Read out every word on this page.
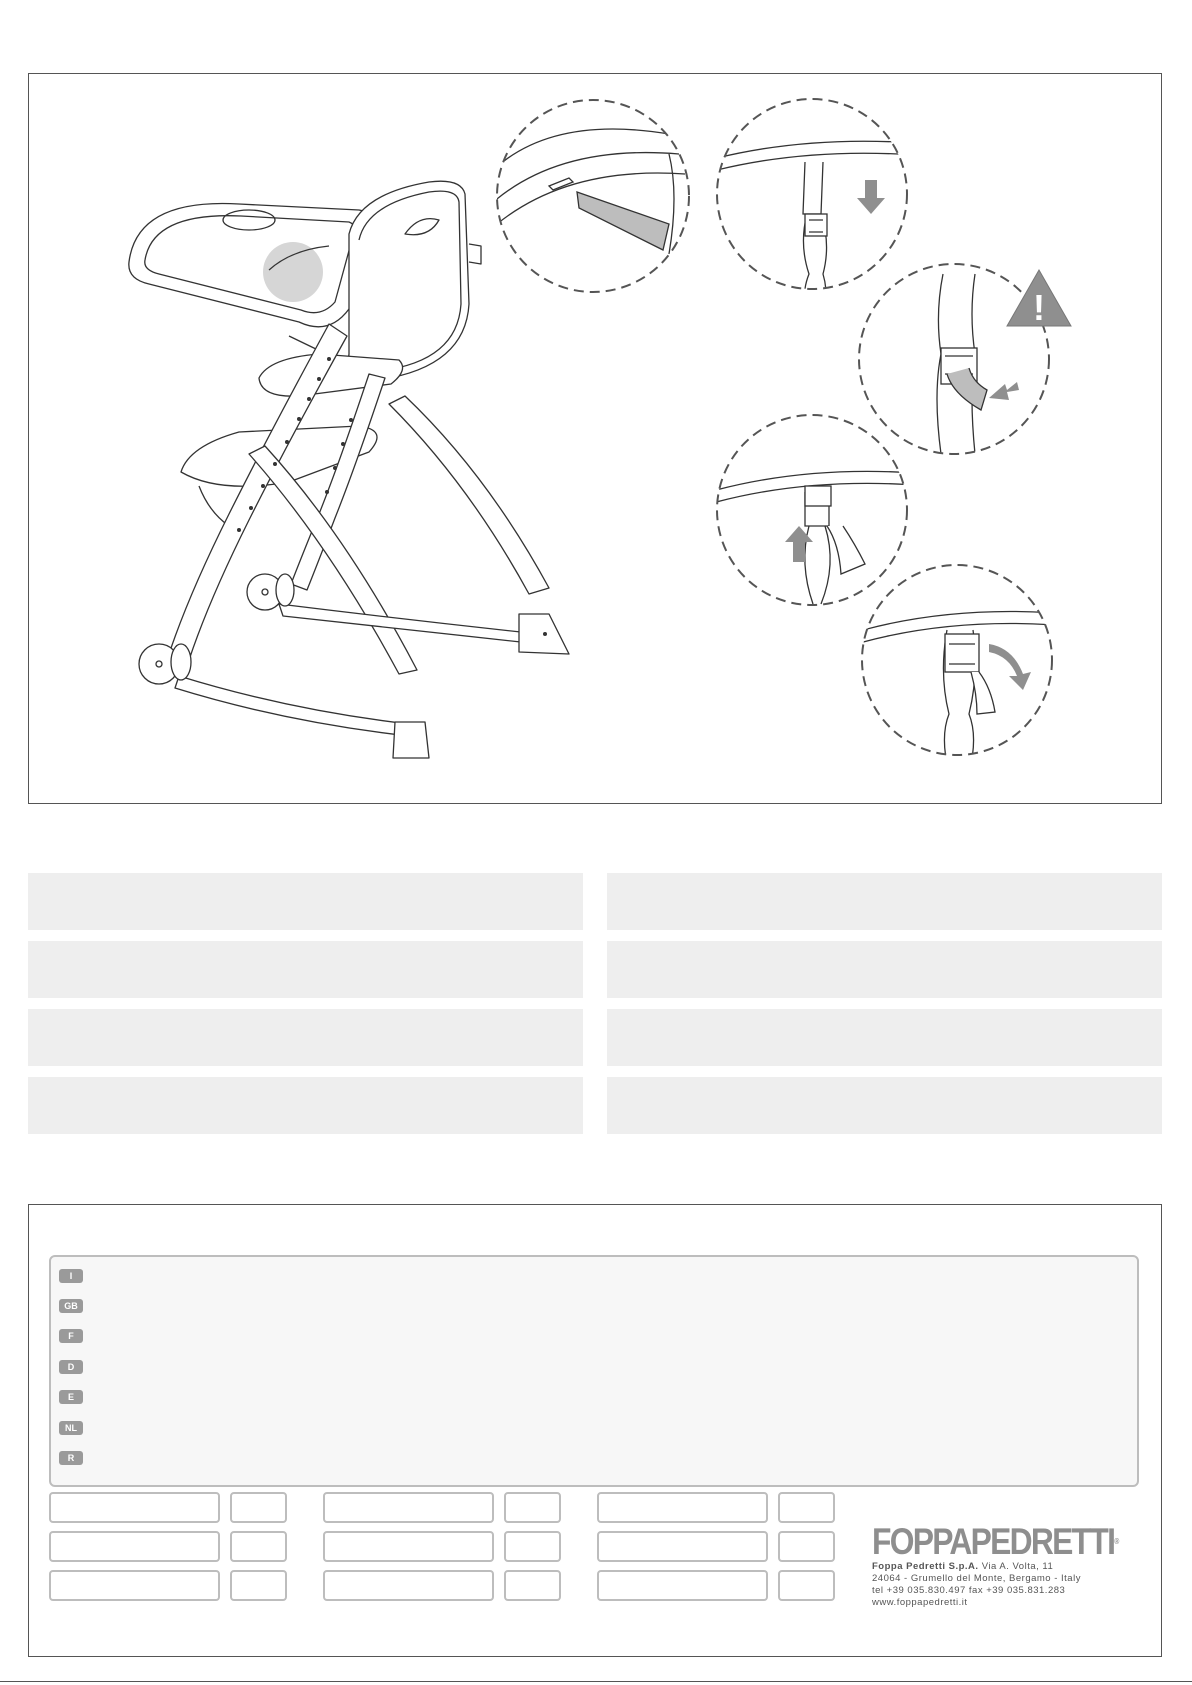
!
I
GB
F
D
E
NL
R
FOPPAPEDRETTI®
Foppa Pedretti S.p.A. Via A. Volta, 11
24064 - Grumello del Monte, Bergamo - Italy
tel +39 035.830.497 fax +39 035.831.283
www.foppapedretti.it
